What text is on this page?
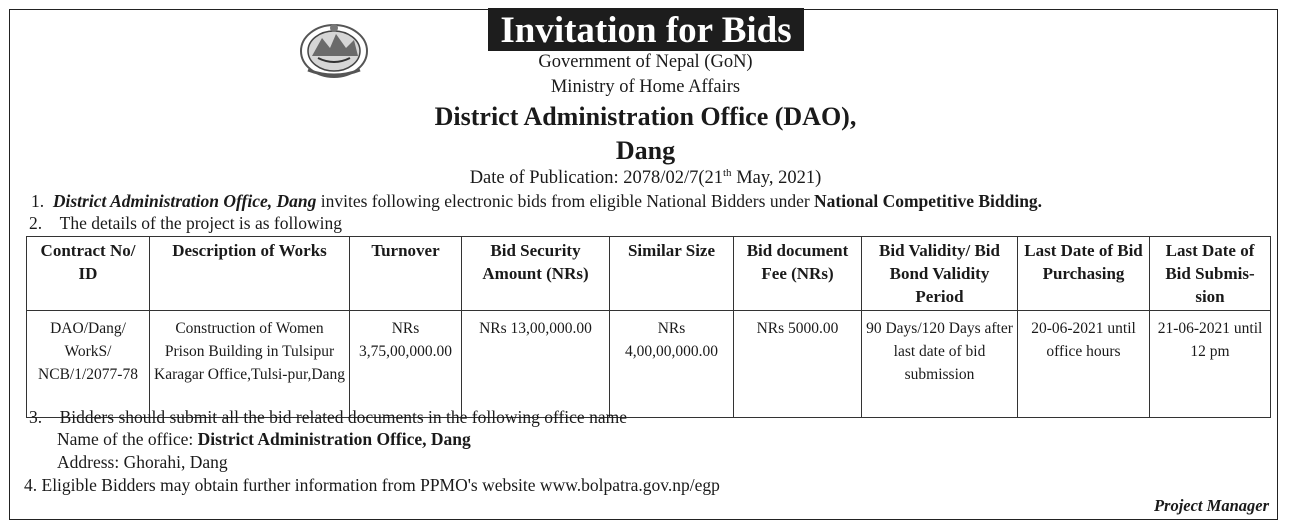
Invitation for Bids
Government of Nepal (GoN)
Ministry of Home Affairs
District Administration Office (DAO),
Dang
Date of Publication: 2078/02/7(21th May, 2021)
1. District Administration Office, Dang invites following electronic bids from eligible National Bidders under National Competitive Bidding.
2. The details of the project is as following
Contract No/ ID	Description of Works	Turnover	Bid Security Amount (NRs)	Similar Size	Bid document Fee (NRs)	Bid Validity/ Bid Bond Validity Period	Last Date of Bid Purchasing	Last Date of Bid Submis-sion
DAO/Dang/ WorkS/ NCB/1/2077-78	Construction of Women Prison Building in Tulsipur Karagar Office,Tulsi-pur,Dang	NRs 3,75,00,000.00	NRs 13,00,000.00	NRs 4,00,00,000.00	NRs 5000.00	90 Days/120 Days after last date of bid submission	20-06-2021 until office hours	21-06-2021 until 12 pm
3. Bidders should submit all the bid related documents in the following office name
Name of the office: District Administration Office, Dang
Address: Ghorahi, Dang
4. Eligible Bidders may obtain further information from PPMO's website www.bolpatra.gov.np/egp
Project Manager
